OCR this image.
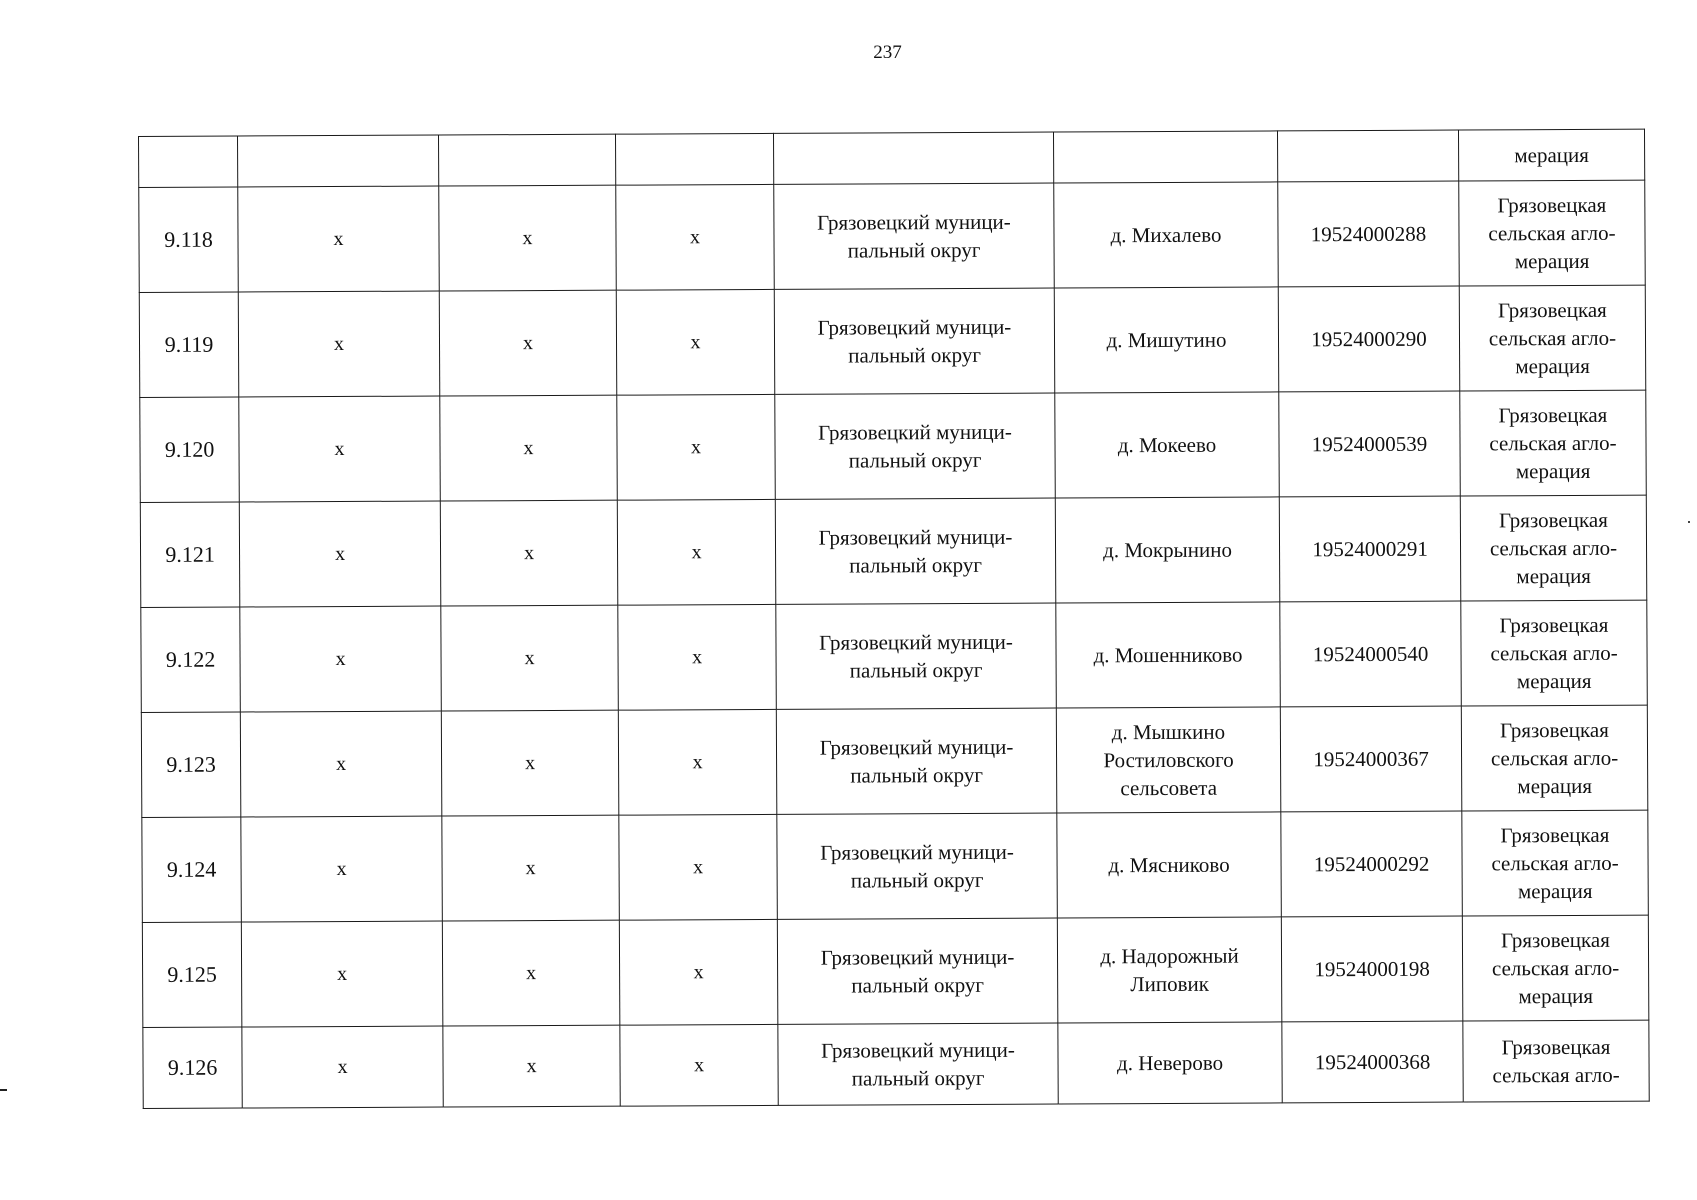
237
							мерация
9.118	x	x	x	Грязовецкий муници-
пальный округ	д. Михалево	19524000288	Грязовецкая
сельская агло-
мерация
9.119	x	x	x	Грязовецкий муници-
пальный округ	д. Мишутино	19524000290	Грязовецкая
сельская агло-
мерация
9.120	x	x	x	Грязовецкий муници-
пальный округ	д. Мокеево	19524000539	Грязовецкая
сельская агло-
мерация
9.121	x	x	x	Грязовецкий муници-
пальный округ	д. Мокрынино	19524000291	Грязовецкая
сельская агло-
мерация
9.122	x	x	x	Грязовецкий муници-
пальный округ	д. Мошенниково	19524000540	Грязовецкая
сельская агло-
мерация
9.123	x	x	x	Грязовецкий муници-
пальный округ	д. Мышкино
Ростиловского
сельсовета	19524000367	Грязовецкая
сельская агло-
мерация
9.124	x	x	x	Грязовецкий муници-
пальный округ	д. Мясниково	19524000292	Грязовецкая
сельская агло-
мерация
9.125	x	x	x	Грязовецкий муници-
пальный округ	д. Надорожный
Липовик	19524000198	Грязовецкая
сельская агло-
мерация
9.126	x	x	x	Грязовецкий муници-
пальный округ	д. Неверово	19524000368	Грязовецкая
сельская агло-
